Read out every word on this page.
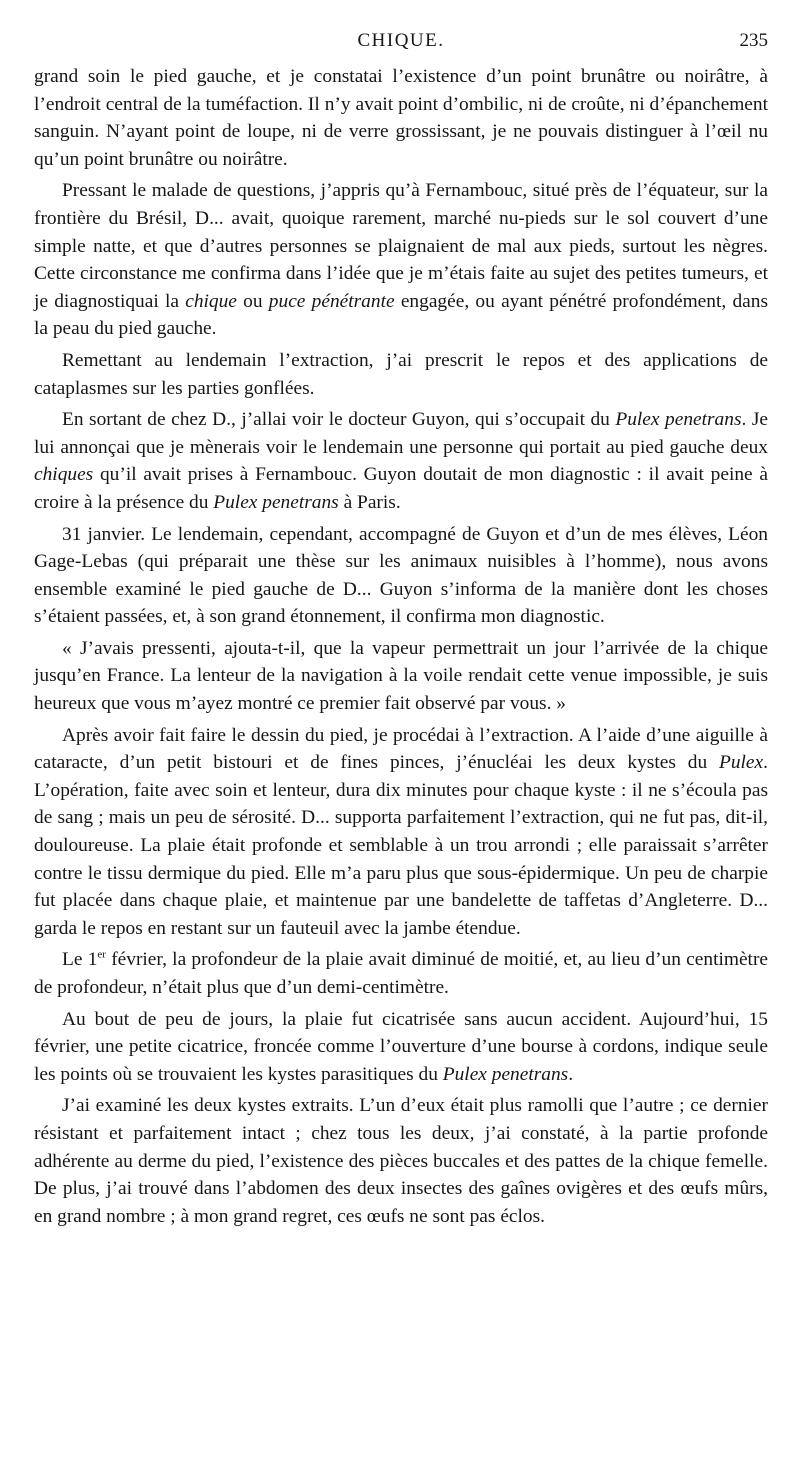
CHIQUE.	235

grand soin le pied gauche, et je constatai l’existence d’un point brunâtre ou noirâtre, à l’endroit central de la tuméfaction. Il n’y avait point d’ombilic, ni de croûte, ni d’épanchement sanguin. N’ayant point de loupe, ni de verre grossissant, je ne pouvais distinguer à l’œil nu qu’un point brunâtre ou noirâtre.

Pressant le malade de questions, j’appris qu’à Fernambouc, situé près de l’équateur, sur la frontière du Brésil, D... avait, quoique rarement, marché nu-pieds sur le sol couvert d’une simple natte, et que d’autres personnes se plaignaient de mal aux pieds, surtout les nègres. Cette circonstance me confirma dans l’idée que je m’étais faite au sujet des petites tumeurs, et je diagnostiquai la chique ou puce pénétrante engagée, ou ayant pénétré profondément, dans la peau du pied gauche.

Remettant au lendemain l’extraction, j’ai prescrit le repos et des applications de cataplasmes sur les parties gonflées.

En sortant de chez D., j’allai voir le docteur Guyon, qui s’occupait du Pulex penetrans. Je lui annonçai que je mènerais voir le lendemain une personne qui portait au pied gauche deux chiques qu’il avait prises à Fernambouc. Guyon doutait de mon diagnostic : il avait peine à croire à la présence du Pulex penetrans à Paris.

31 janvier. Le lendemain, cependant, accompagné de Guyon et d’un de mes élèves, Léon Gage-Lebas (qui préparait une thèse sur les animaux nuisibles à l’homme), nous avons ensemble examiné le pied gauche de D... Guyon s’informa de la manière dont les choses s’étaient passées, et, à son grand étonnement, il confirma mon diagnostic.

« J’avais pressenti, ajouta-t-il, que la vapeur permettrait un jour l’arrivée de la chique jusqu’en France. La lenteur de la navigation à la voile rendait cette venue impossible, je suis heureux que vous m’ayez montré ce premier fait observé par vous. »

Après avoir fait faire le dessin du pied, je procédai à l’extraction. A l’aide d’une aiguille à cataracte, d’un petit bistouri et de fines pinces, j’énucléai les deux kystes du Pulex. L’opération, faite avec soin et lenteur, dura dix minutes pour chaque kyste : il ne s’écoula pas de sang ; mais un peu de sérosité. D... supporta parfaitement l’extraction, qui ne fut pas, dit-il, douloureuse. La plaie était profonde et semblable à un trou arrondi ; elle paraissait s’arrêter contre le tissu dermique du pied. Elle m’a paru plus que sous-épidermique. Un peu de charpie fut placée dans chaque plaie, et maintenue par une bandelette de taffetas d’Angleterre. D... garda le repos en restant sur un fauteuil avec la jambe étendue.

Le 1er février, la profondeur de la plaie avait diminué de moitié, et, au lieu d’un centimètre de profondeur, n’était plus que d’un demi-centimètre.

Au bout de peu de jours, la plaie fut cicatrisée sans aucun accident. Aujourd’hui, 15 février, une petite cicatrice, froncée comme l’ouverture d’une bourse à cordons, indique seule les points où se trouvaient les kystes parasitiques du Pulex penetrans.

J’ai examiné les deux kystes extraits. L’un d’eux était plus ramolli que l’autre ; ce dernier résistant et parfaitement intact ; chez tous les deux, j’ai constaté, à la partie profonde adhérente au derme du pied, l’existence des pièces buccales et des pattes de la chique femelle. De plus, j’ai trouvé dans l’abdomen des deux insectes des gaînes ovigères et des œufs mûrs, en grand nombre ; à mon grand regret, ces œufs ne sont pas éclos.
